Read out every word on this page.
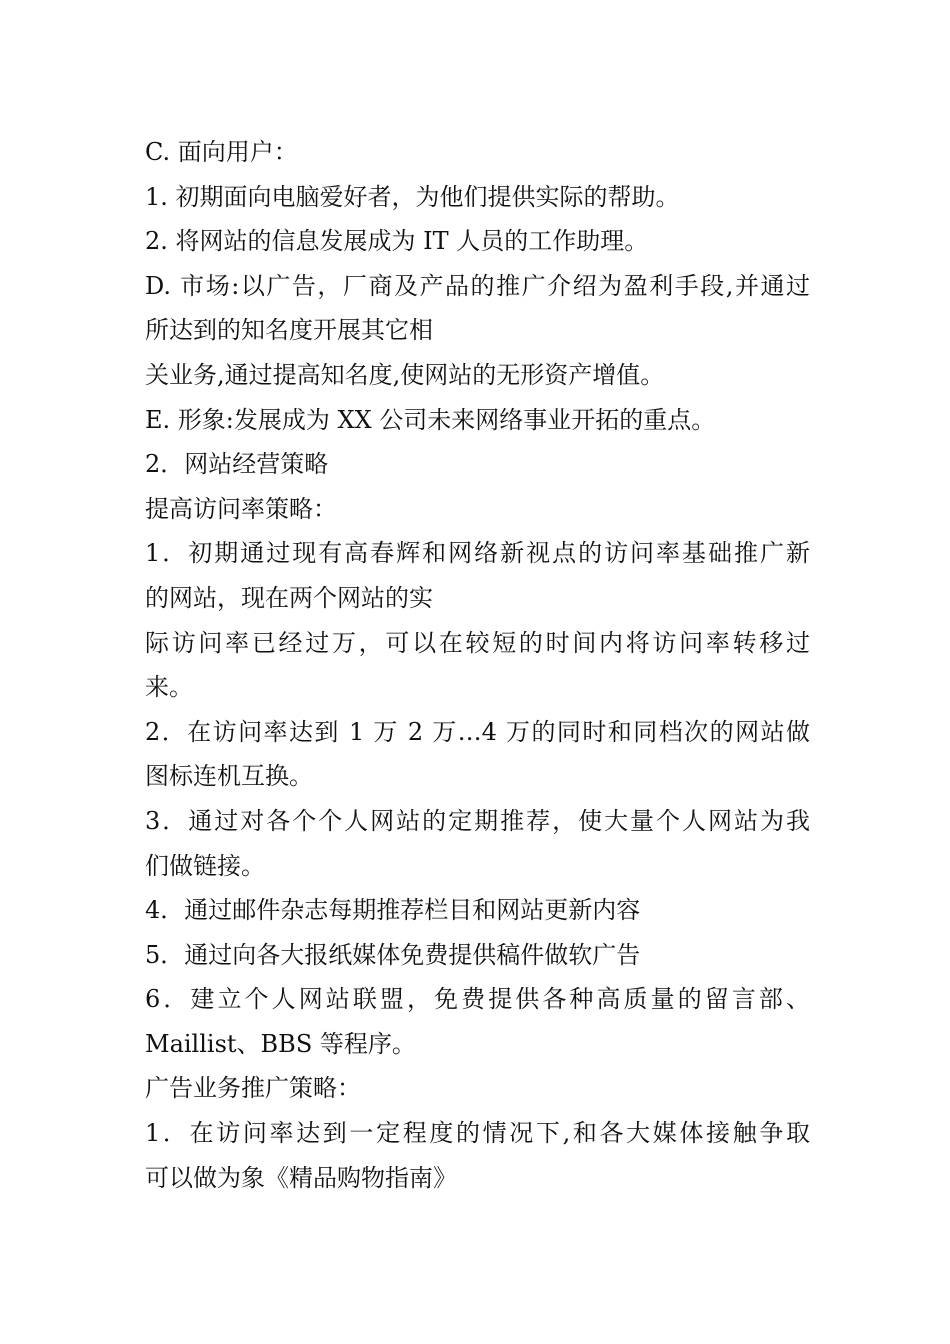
C. 面向用户：
1. 初期面向电脑爱好者，为他们提供实际的帮助。
2. 将网站的信息发展成为 IT 人员的工作助理。
D. 市场:以广告，厂商及产品的推广介绍为盈利手段,并通过
所达到的知名度开展其它相
关业务,通过提高知名度,使网站的无形资产增值。
E. 形象:发展成为 XX 公司未来网络事业开拓的重点。
2．网站经营策略
提高访问率策略：
1．初期通过现有高春辉和网络新视点的访问率基础推广新
的网站，现在两个网站的实
际访问率已经过万，可以在较短的时间内将访问率转移过
来。
2．在访问率达到 1 万 2 万…4 万的同时和同档次的网站做
图标连机互换。
3．通过对各个个人网站的定期推荐，使大量个人网站为我
们做链接。
4．通过邮件杂志每期推荐栏目和网站更新内容
5．通过向各大报纸媒体免费提供稿件做软广告
6．建立个人网站联盟，免费提供各种高质量的留言部、
Maillist、BBS 等程序。
广告业务推广策略：
1．在访问率达到一定程度的情况下,和各大媒体接触争取
可以做为象《精品购物指南》
